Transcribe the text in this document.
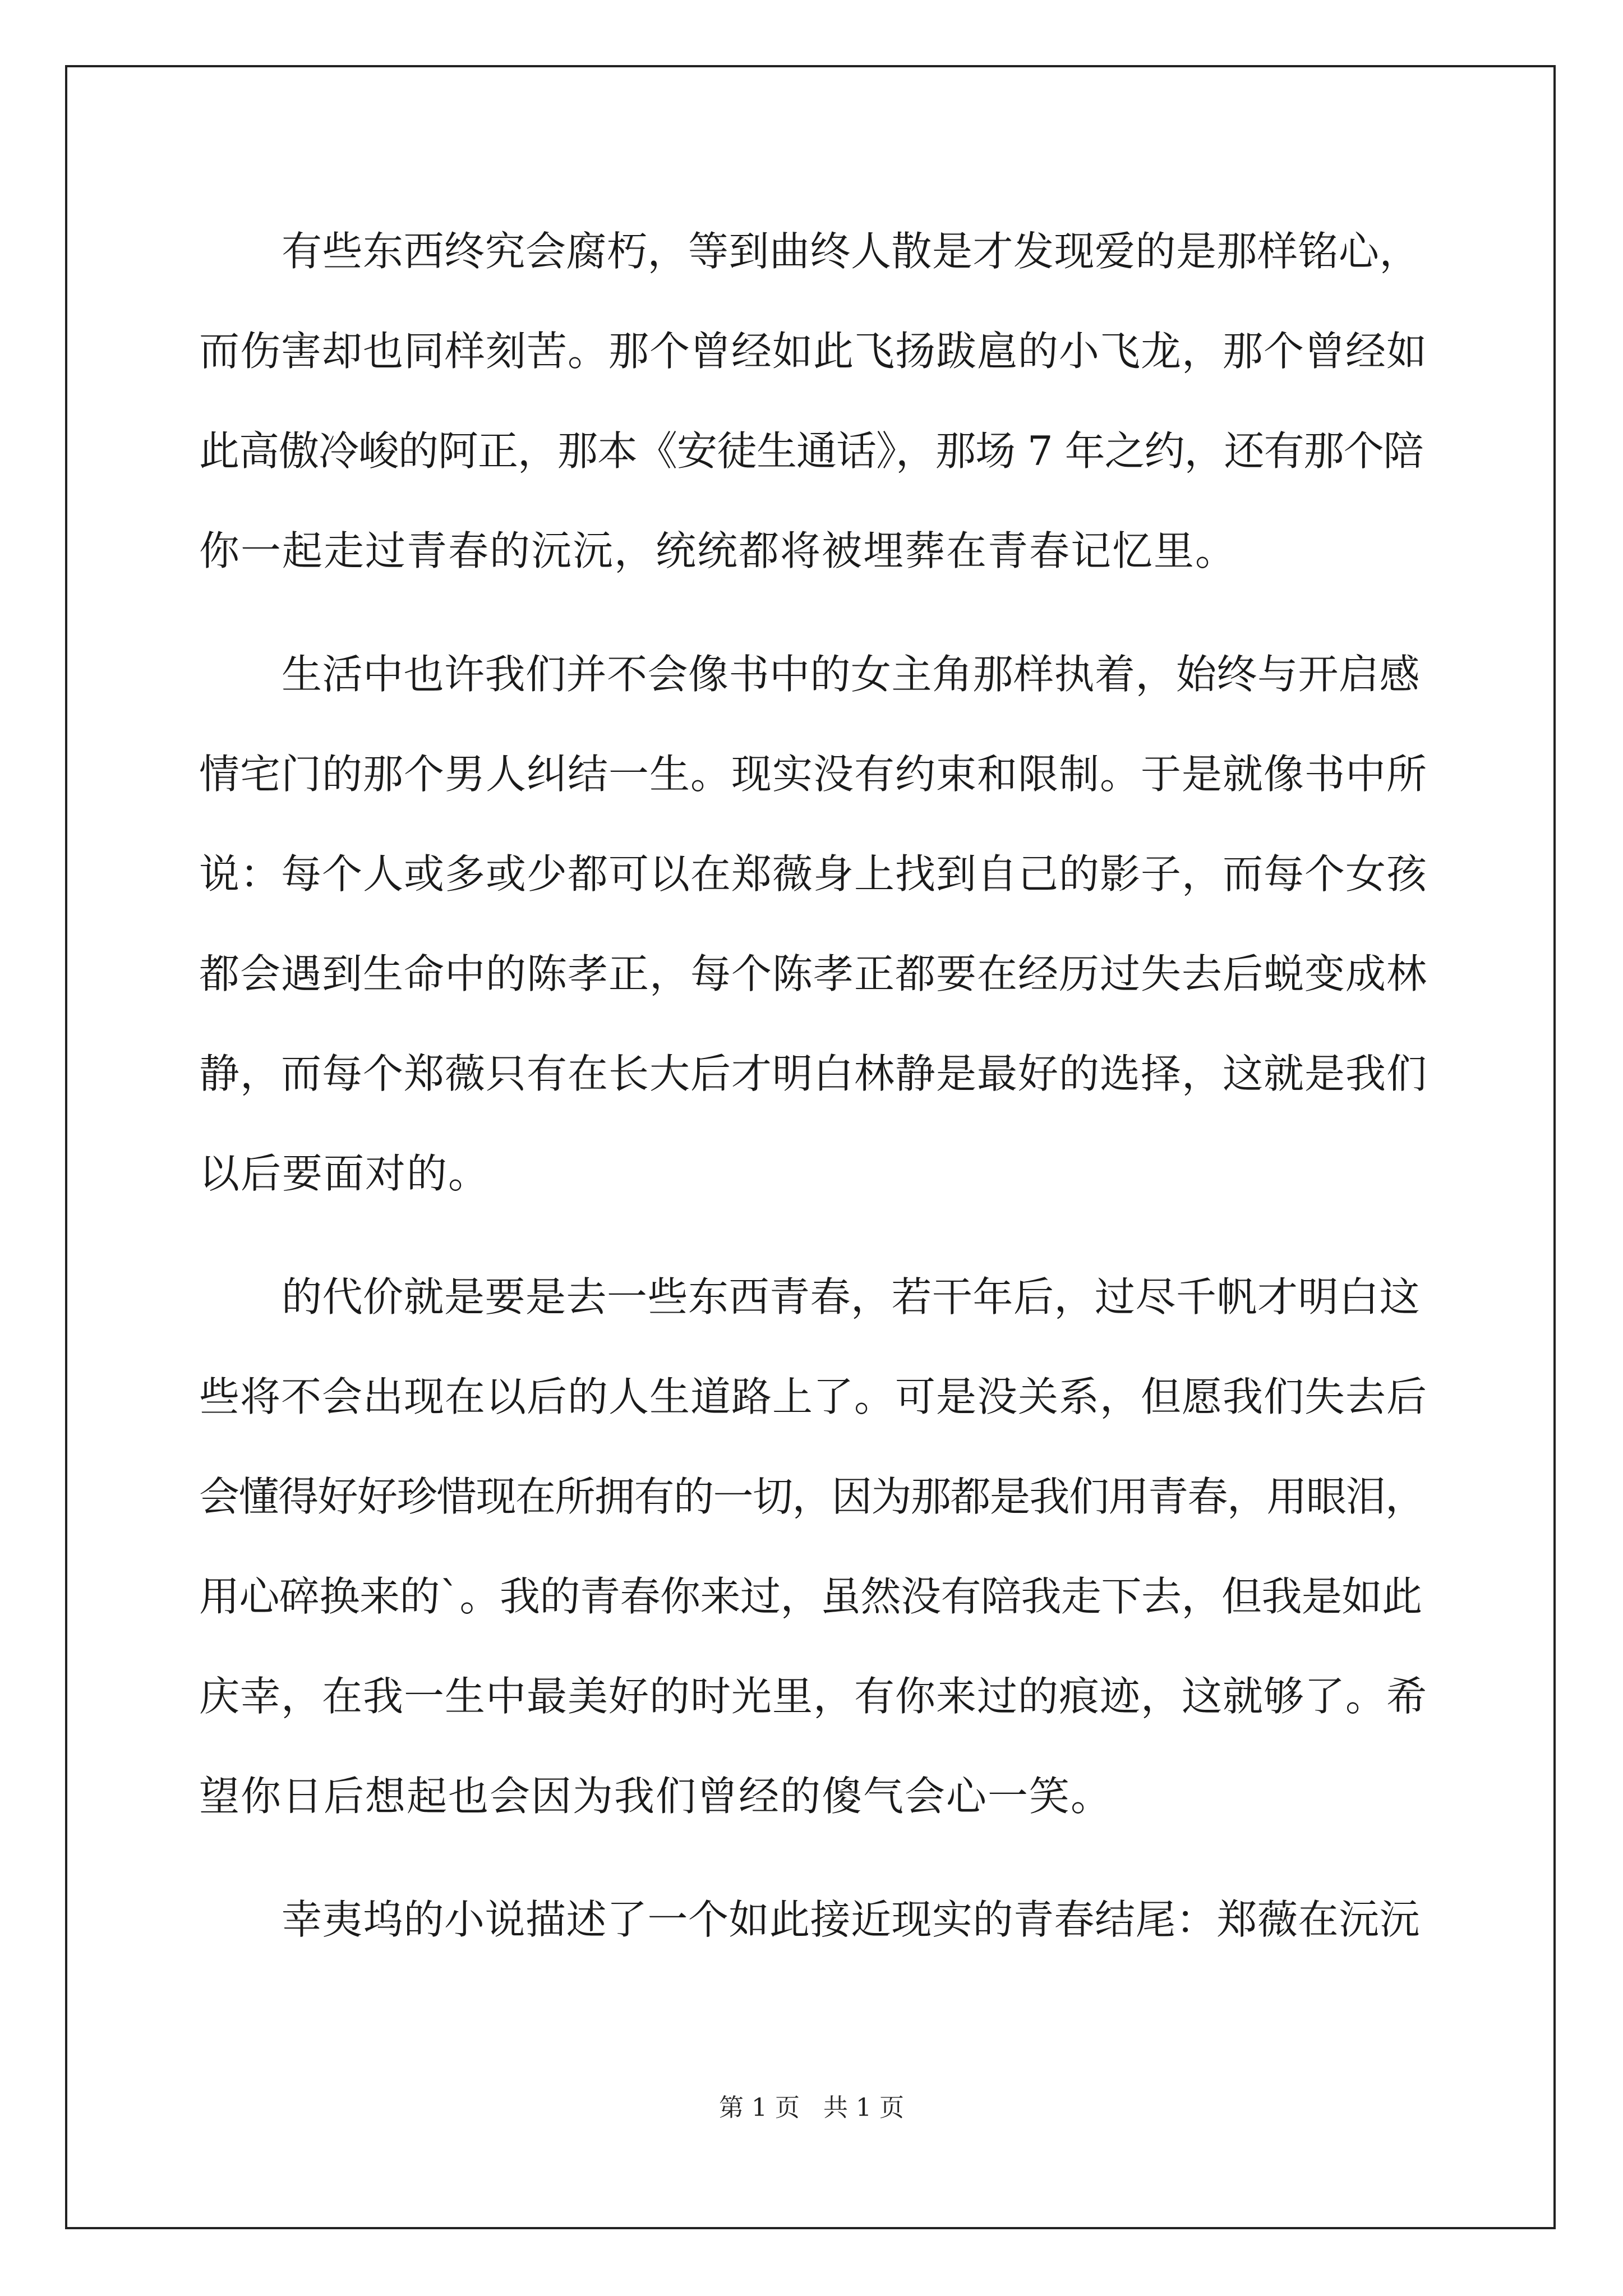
有些东西终究会腐朽，等到曲终人散是才发现爱的是那样铭心，
而伤害却也同样刻苦。那个曾经如此飞扬跋扈的小飞龙，那个曾经如
此高傲冷峻的阿正，那本《安徒生通话》，那场 7 年之约，还有那个陪
你一起走过青春的沅沅，统统都将被埋葬在青春记忆里。
生活中也许我们并不会像书中的女主角那样执着，始终与开启感
情宅门的那个男人纠结一生。现实没有约束和限制。于是就像书中所
说：每个人或多或少都可以在郑薇身上找到自己的影子，而每个女孩
都会遇到生命中的陈孝正，每个陈孝正都要在经历过失去后蜕变成林
静，而每个郑薇只有在长大后才明白林静是最好的选择，这就是我们
以后要面对的。
的代价就是要是去一些东西青春，若干年后，过尽千帆才明白这
些将不会出现在以后的人生道路上了。可是没关系，但愿我们失去后
会懂得好好珍惜现在所拥有的一切，因为那都是我们用青春，用眼泪，
用心碎换来的`。我的青春你来过，虽然没有陪我走下去，但我是如此
庆幸，在我一生中最美好的时光里，有你来过的痕迹，这就够了。希
望你日后想起也会因为我们曾经的傻气会心一笑。
幸夷坞的小说描述了一个如此接近现实的青春结尾：郑薇在沅沅
第 1 页   共 1 页
